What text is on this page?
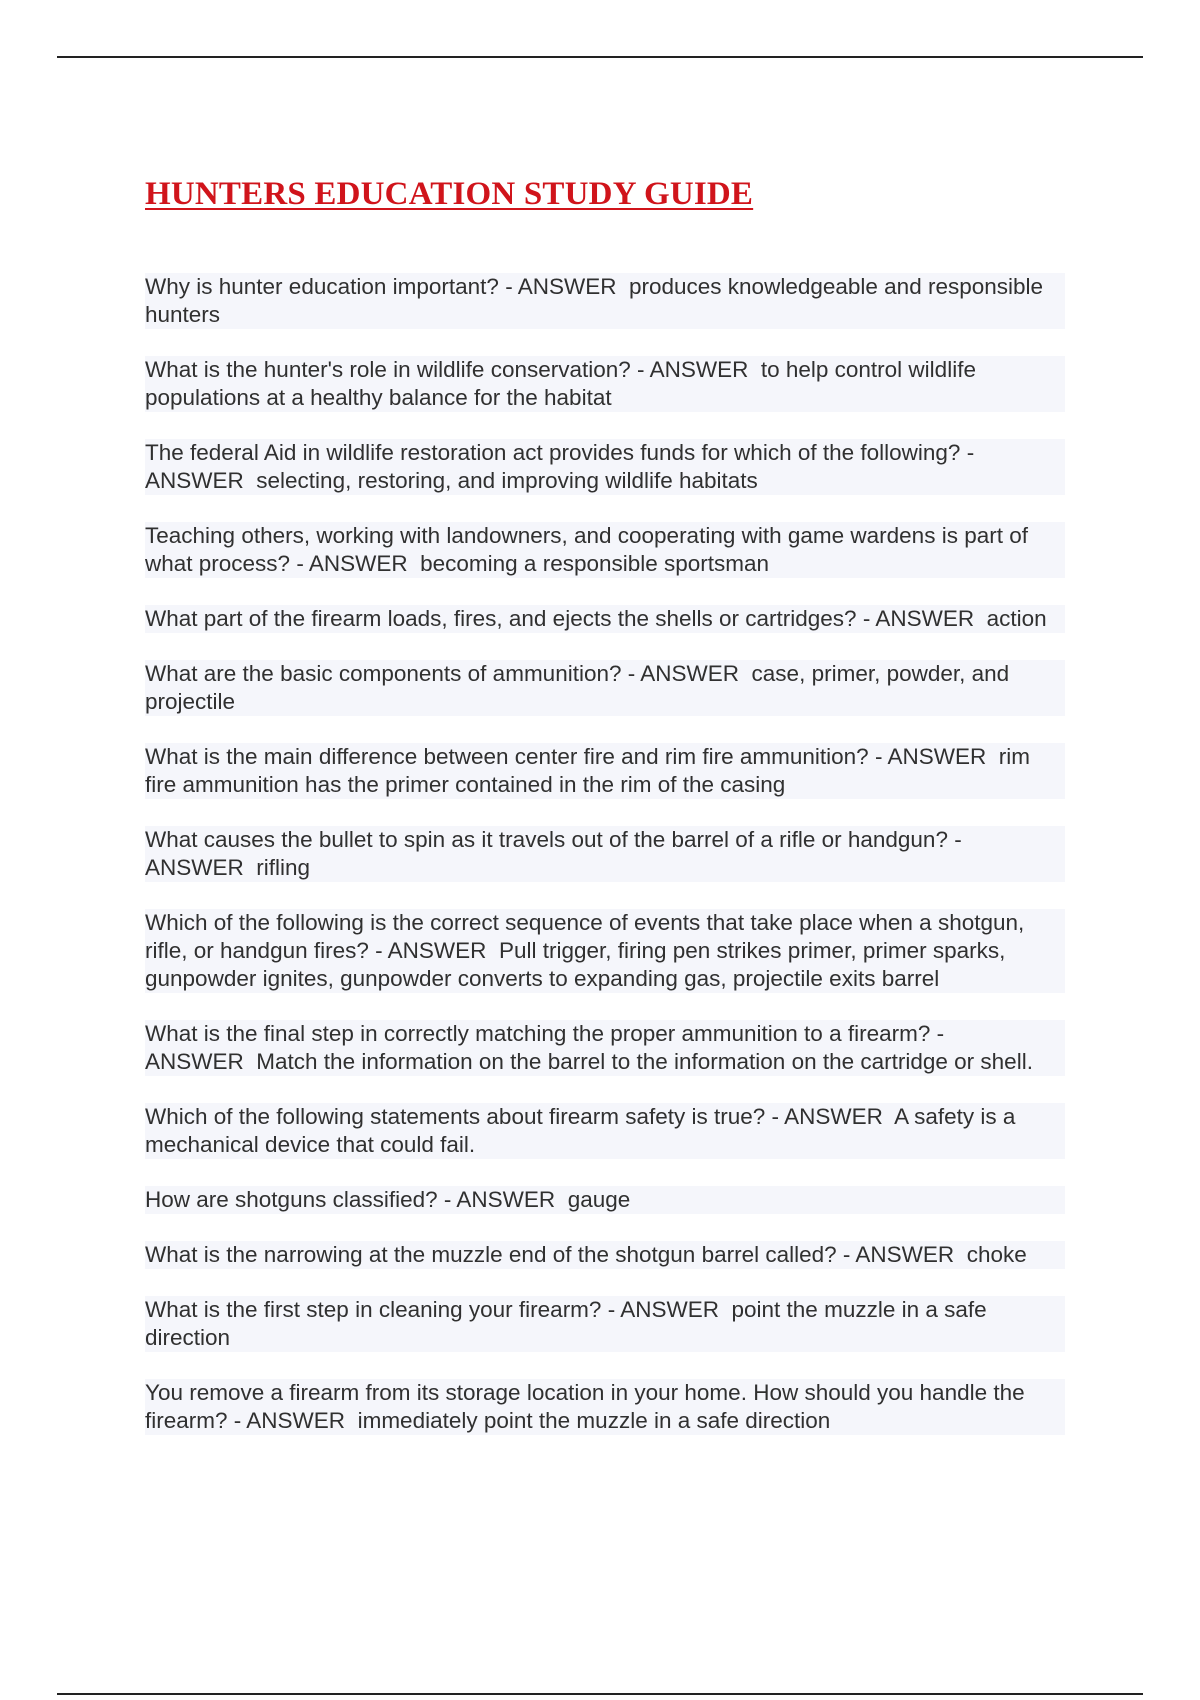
HUNTERS EDUCATION STUDY GUIDE
Why is hunter education important? - ANSWER produces knowledgeable and responsible hunters
What is the hunter's role in wildlife conservation? - ANSWER to help control wildlife populations at a healthy balance for the habitat
The federal Aid in wildlife restoration act provides funds for which of the following?- ANSWER selecting, restoring, and improving wildlife habitats
Teaching others, working with landowners, and cooperating with game wardens is part of what process? - ANSWER becoming a responsible sportsman
What part of the firearm loads, fires, and ejects the shells or cartridges?- ANSWER action
What are the basic components of ammunition? - ANSWER case, primer, powder, and projectile
What is the main difference between center fire and rim fire ammunition? - ANSWER rim fire ammunition has the primer contained in the rim of the casing
What causes the bullet to spin as it travels out of the barrel of a rifle or handgun?- ANSWER rifling
Which of the following is the correct sequence of events that take place when a shotgun, rifle, or handgun fires? - ANSWER Pull trigger, firing pen strikes primer, primer sparks, gunpowder ignites, gunpowder converts to expanding gas, projectile exits barrel
What is the final step in correctly matching the proper ammunition to a firearm?- ANSWER Match the information on the barrel to the information on the cartridge or shell.
Which of the following statements about firearm safety is true? - ANSWER A safety is a mechanical device that could fail.
How are shotguns classified? - ANSWER gauge
What is the narrowing at the muzzle end of the shotgun barrel called? - ANSWER choke
What is the first step in cleaning your firearm? - ANSWER point the muzzle in a safe direction
You remove a firearm from its storage location in your home. How should you handle the firearm? - ANSWER immediately point the muzzle in a safe direction
